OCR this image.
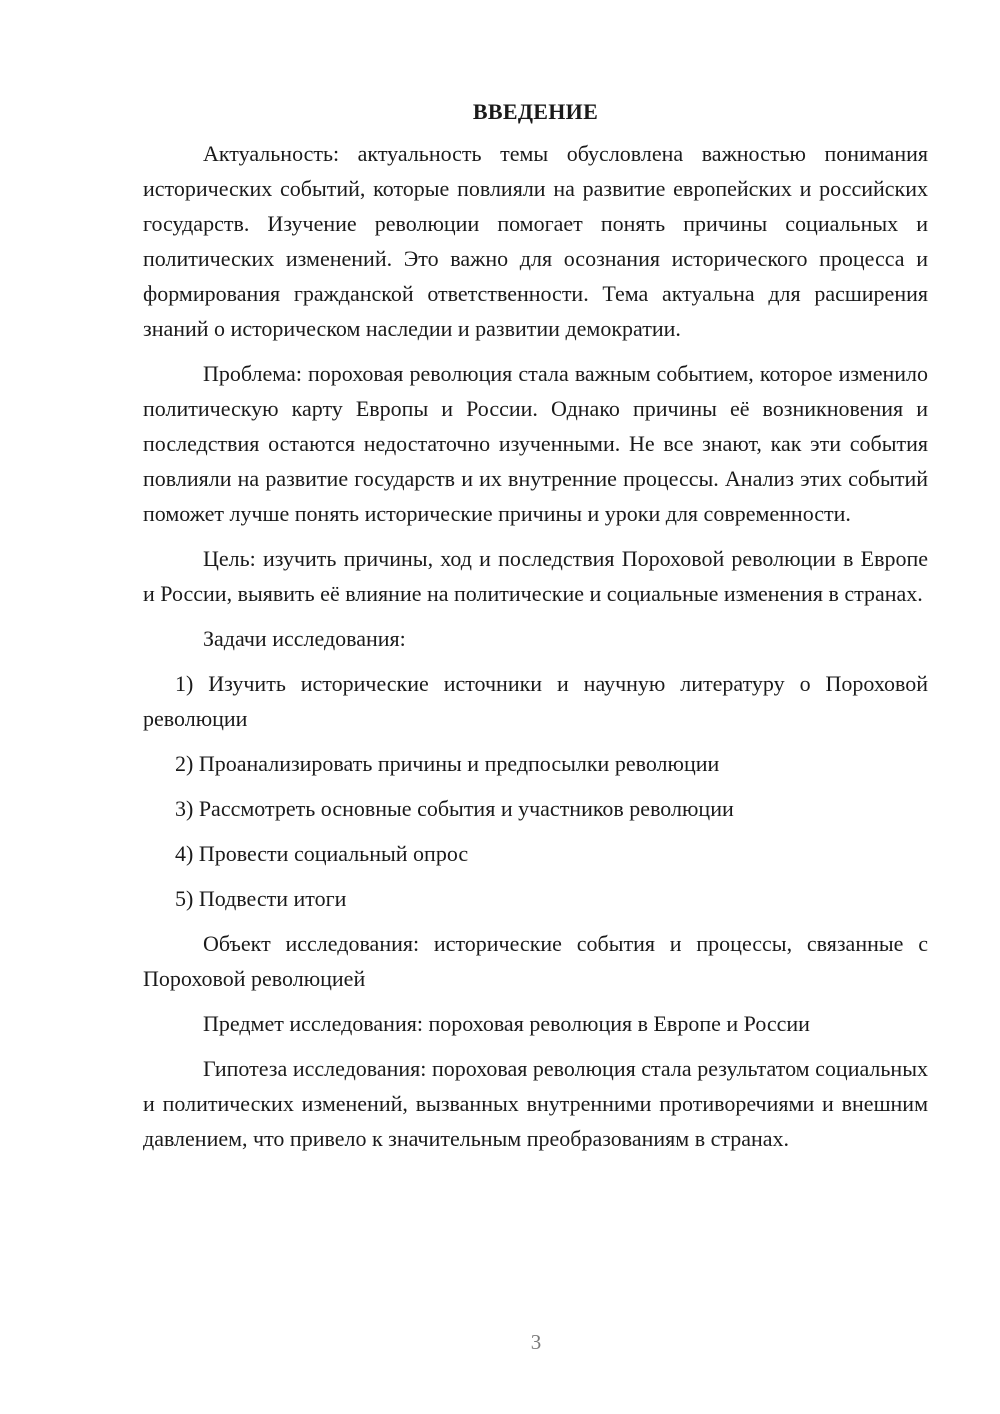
ВВЕДЕНИЕ

Актуальность: актуальность темы обусловлена важностью понимания исторических событий, которые повлияли на развитие европейских и российских государств. Изучение революции помогает понять причины социальных и политических изменений. Это важно для осознания исторического процесса и формирования гражданской ответственности. Тема актуальна для расширения знаний о историческом наследии и развитии демократии.

Проблема: пороховая революция стала важным событием, которое изменило политическую карту Европы и России. Однако причины её возникновения и последствия остаются недостаточно изученными. Не все знают, как эти события повлияли на развитие государств и их внутренние процессы. Анализ этих событий поможет лучше понять исторические причины и уроки для современности.

Цель: изучить причины, ход и последствия Пороховой революции в Европе и России, выявить её влияние на политические и социальные изменения в странах.

Задачи исследования:

1) Изучить исторические источники и научную литературу о Пороховой революции

2) Проанализировать причины и предпосылки революции

3) Рассмотреть основные события и участников революции

4) Провести социальный опрос

5) Подвести итоги

Объект исследования: исторические события и процессы, связанные с Пороховой революцией

Предмет исследования: пороховая революция в Европе и России

Гипотеза исследования: пороховая революция стала результатом социальных и политических изменений, вызванных внутренними противоречиями и внешним давлением, что привело к значительным преобразованиям в странах.

3
